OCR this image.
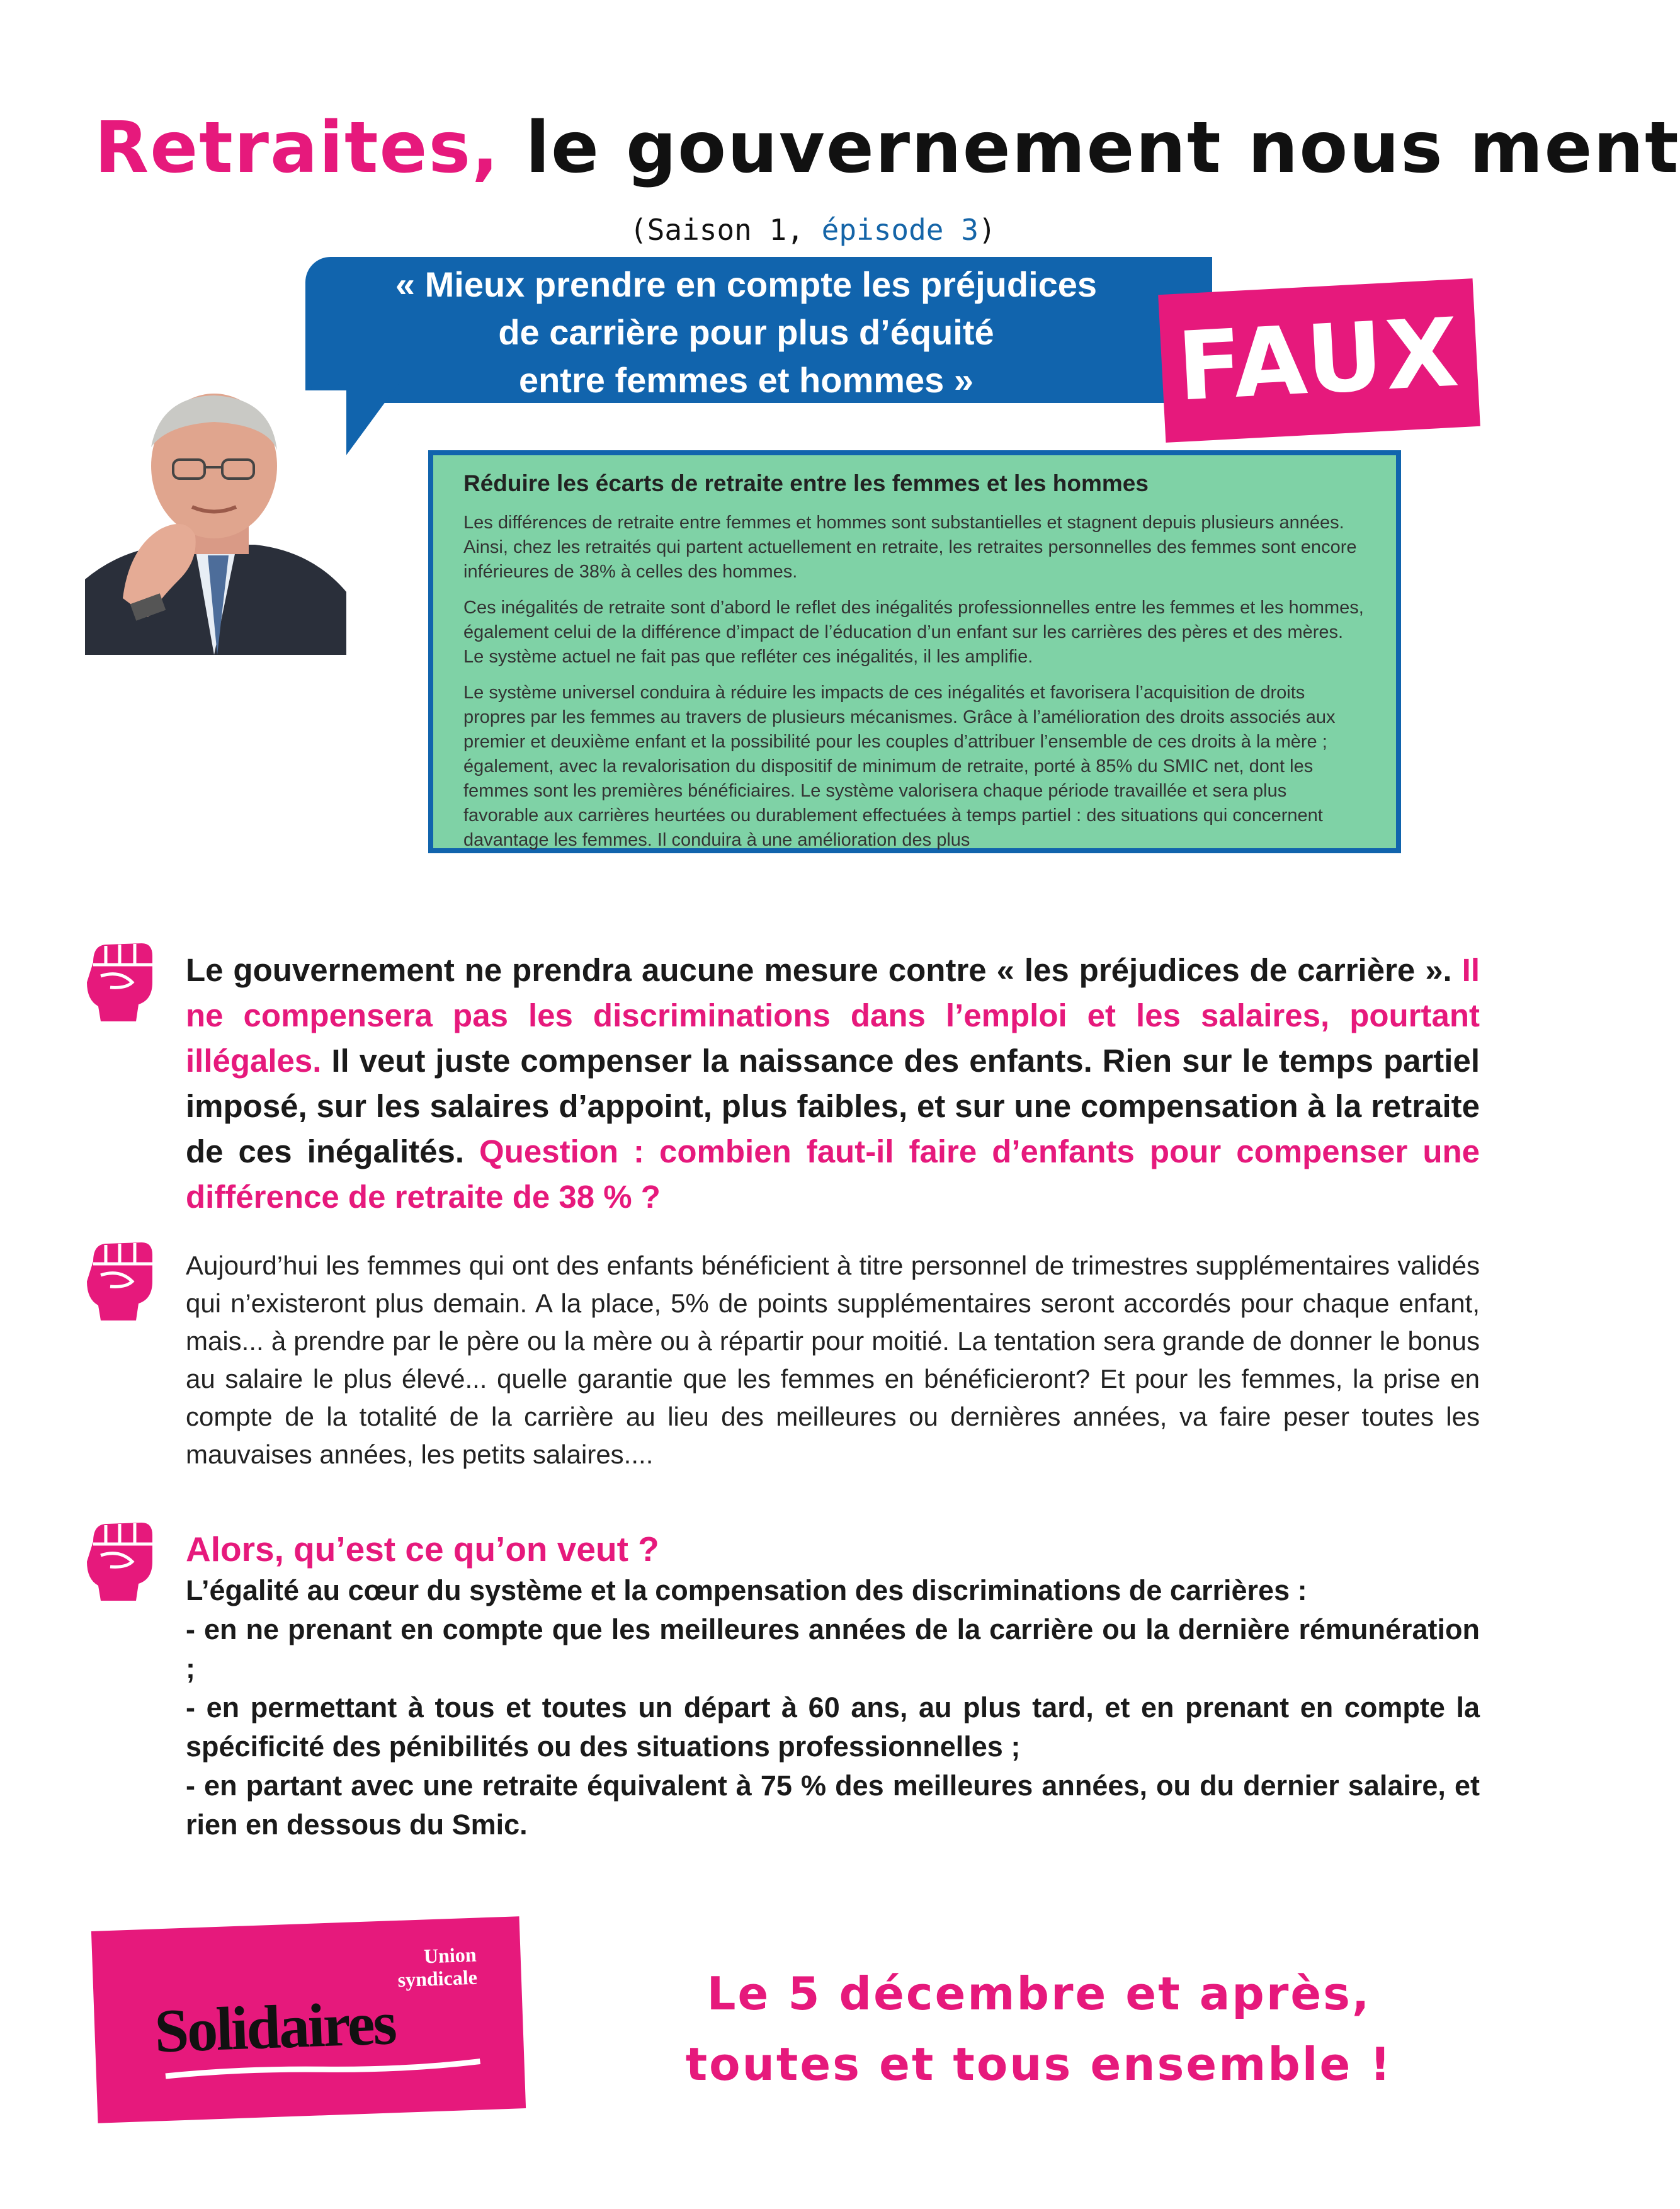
Retraites, le gouvernement nous ment
(Saison 1, épisode 3)
« Mieux prendre en compte les préjudices
de carrière pour plus d’équité
entre femmes et hommes »	FAUX
Réduire les écarts de retraite entre les femmes et les hommes

Les différences de retraite entre femmes et hommes sont substantielles et stagnent depuis plusieurs années. Ainsi, chez les retraités qui partent actuellement en retraite, les retraites personnelles des femmes sont encore inférieures de 38% à celles des hommes.

Ces inégalités de retraite sont d’abord le reflet des inégalités professionnelles entre les femmes et les hommes, également celui de la différence d’impact de l’éducation d’un enfant sur les carrières des pères et des mères. Le système actuel ne fait pas que refléter ces inégalités, il les amplifie.

Le système universel conduira à réduire les impacts de ces inégalités et favorisera l’acquisition de droits propres par les femmes au travers de plusieurs mécanismes. Grâce à l’amélioration des droits associés aux premier et deuxième enfant et la possibilité pour les couples d’attribuer l’ensemble de ces droits à la mère ; également, avec la revalorisation du dispositif de minimum de retraite, porté à 85% du SMIC net, dont les femmes sont les premières bénéficiaires. Le système valorisera chaque période travaillée et sera plus favorable aux carrières heurtées ou durablement effectuées à temps partiel : des situations qui concernent davantage les femmes. Il conduira à une amélioration des plus

Le gouvernement ne prendra aucune mesure contre « les préjudices de carrière ». Il ne compensera pas les discriminations dans l’emploi et les salaires, pourtant illégales. Il veut juste compenser la naissance des enfants. Rien sur le temps partiel imposé, sur les salaires d’appoint, plus faibles, et sur une compensation à la retraite de ces inégalités. Question : combien faut-il faire d’enfants pour compenser une différence de retraite de 38 % ?
Aujourd’hui les femmes qui ont des enfants bénéficient à titre personnel de trimestres supplémentaires validés qui n’existeront plus demain. A la place, 5% de points supplémentaires seront accordés pour chaque enfant, mais... à prendre par le père ou la mère ou à répartir pour moitié. La tentation sera grande de donner le bonus au salaire le plus élevé... quelle garantie que les femmes en bénéficieront? Et pour les femmes, la prise en compte de la totalité de la carrière au lieu des meilleures ou dernières années, va faire peser toutes les mauvaises années, les petits salaires....
Alors, qu’est ce qu’on veut ?
L’égalité au cœur du système et la compensation des discriminations de carrières :
- en ne prenant en compte que les meilleures années de la carrière ou la dernière rémunération ;
- en permettant à tous et toutes un départ à 60 ans, au plus tard, et en prenant en compte la spécificité des pénibilités ou des situations professionnelles ;
- en partant avec une retraite équivalent à 75 % des meilleures années, ou du dernier salaire, et rien en dessous du Smic.
Union
syndicale
Solidaires	Le 5 décembre et après,
toutes et tous ensemble !
